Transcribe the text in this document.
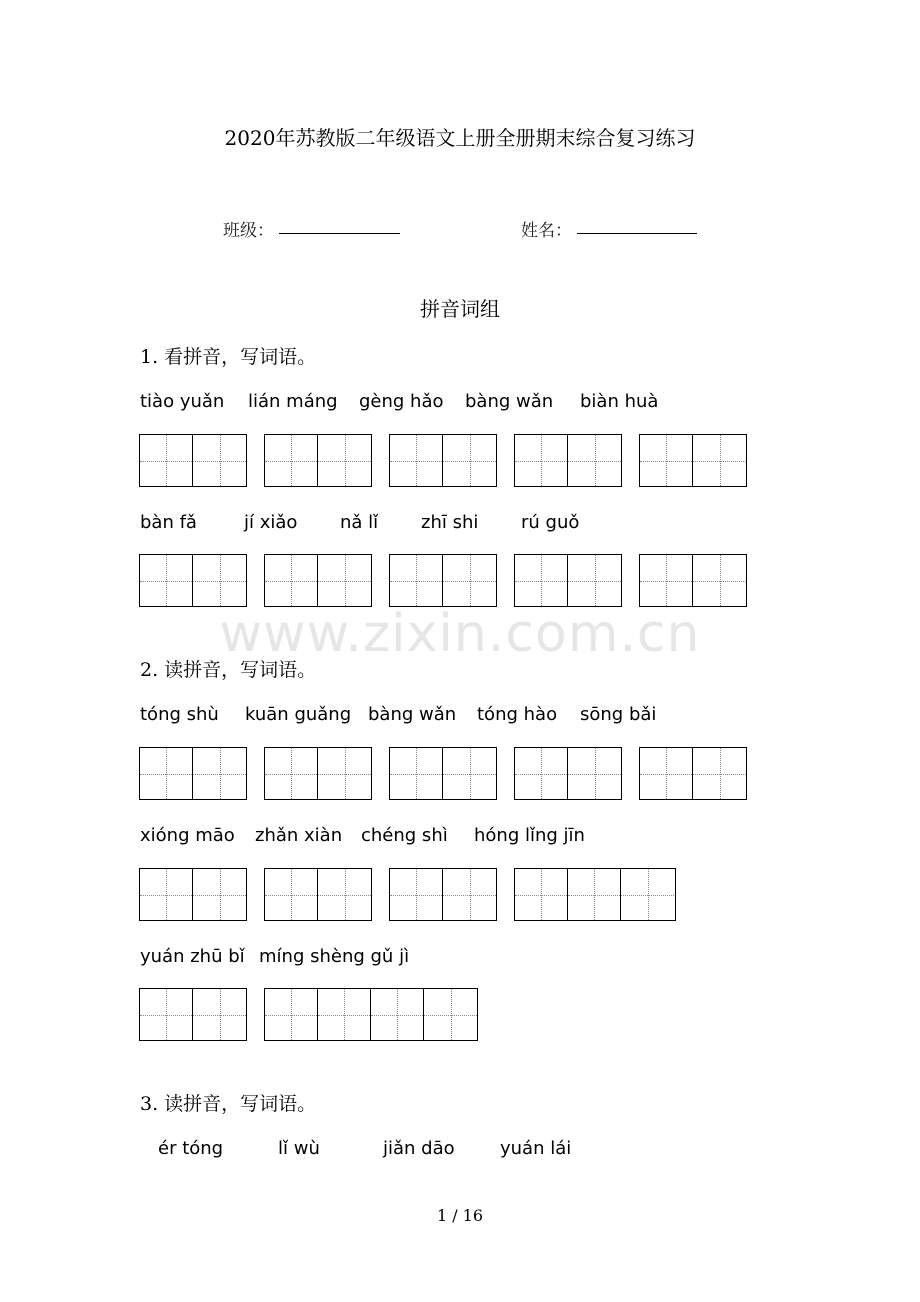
2020年苏教版二年级语文上册全册期末综合复习练习
班级：	姓名：
拼音词组
www.zixin.com.cn
1. 看拼音，写词语。
tiào yuǎn lián máng gèng hǎo bàng wǎn biàn huà
bàn fǎ	jí xiǎo nǎ lǐ zhī shi rú guǒ
2. 读拼音，写词语。
tóng shù kuān guǎng bàng wǎn tóng hào sōng bǎi
xióng māo zhǎn xiàn chéng shì hóng lǐng jīn
yuán zhū bǐ míng shèng gǔ jì
3. 读拼音，写词语。
ér tóng	lǐ wù	jiǎn dāo	yuán lái
1 / 16
